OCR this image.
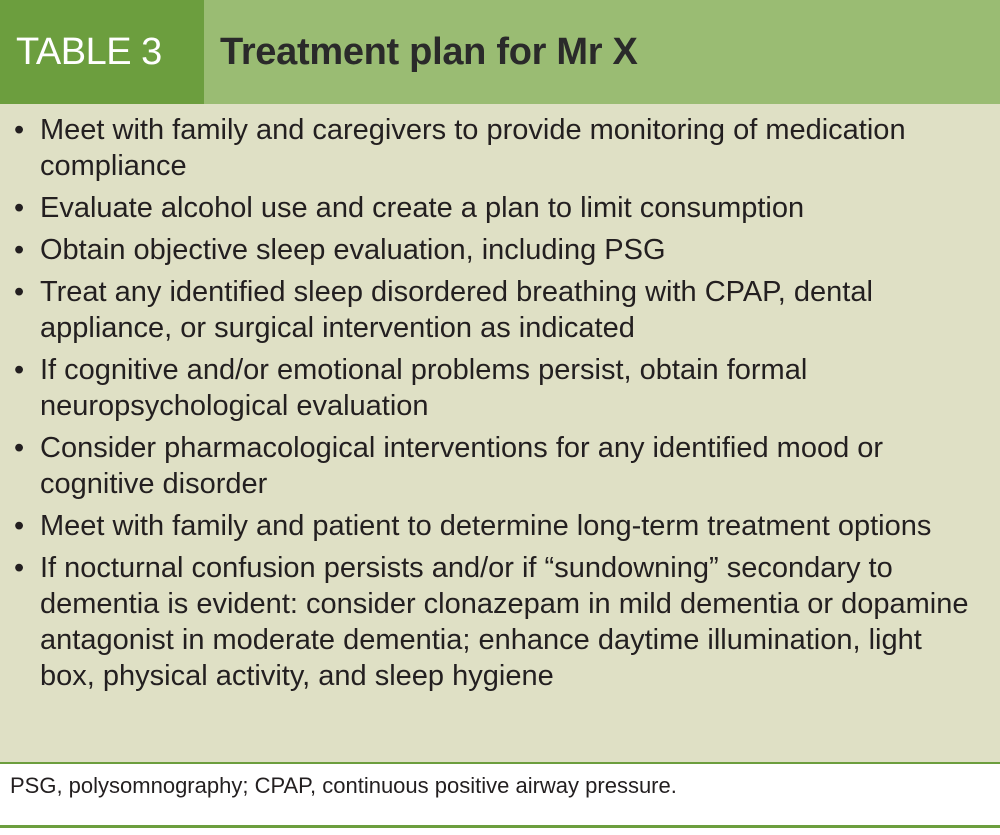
TABLE 3	Treatment plan for Mr X
• Meet with family and caregivers to provide monitoring of medication compliance
• Evaluate alcohol use and create a plan to limit consumption
• Obtain objective sleep evaluation, including PSG
• Treat any identified sleep disordered breathing with CPAP, dental appliance, or surgical intervention as indicated
• If cognitive and/or emotional problems persist, obtain formal neuropsychological evaluation
• Consider pharmacological interventions for any identified mood or cognitive disorder
• Meet with family and patient to determine long-term treatment options
• If nocturnal confusion persists and/or if “sundowning” secondary to dementia is evident: consider clonazepam in mild dementia or dopamine antagonist in moderate dementia; enhance daytime illumination, light box, physical activity, and sleep hygiene
PSG, polysomnography; CPAP, continuous positive airway pressure.
